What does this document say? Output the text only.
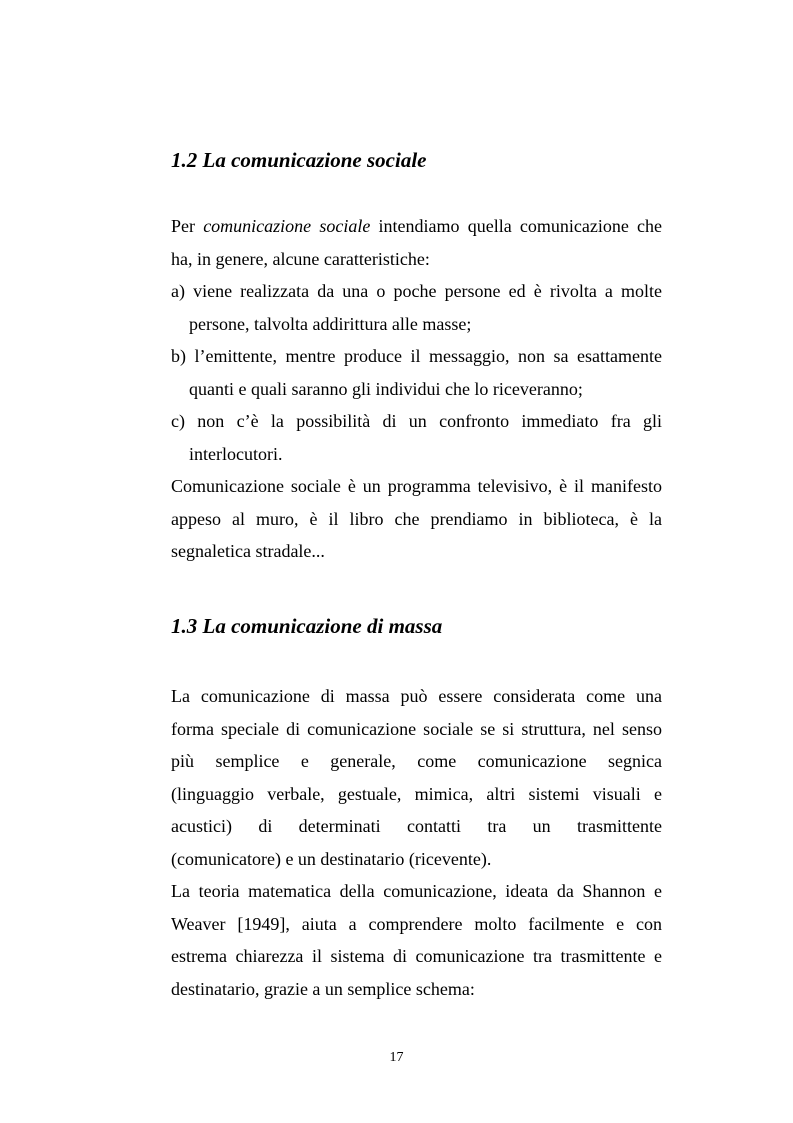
1.2 La comunicazione sociale
Per comunicazione sociale intendiamo quella comunicazione che
ha, in genere, alcune caratteristiche:
a) viene realizzata da una o poche persone ed è rivolta a molte
persone, talvolta addirittura alle masse;
b) l’emittente, mentre produce il messaggio, non sa esattamente
quanti e quali saranno gli individui che lo riceveranno;
c) non c’è la possibilità di un confronto immediato fra gli
interlocutori.
Comunicazione sociale è un programma televisivo, è il manifesto
appeso al muro, è il libro che prendiamo in biblioteca, è la
segnaletica stradale...
1.3 La comunicazione di massa
La comunicazione di massa può essere considerata come una
forma speciale di comunicazione sociale se si struttura, nel senso
più semplice e generale, come comunicazione segnica
(linguaggio verbale, gestuale, mimica, altri sistemi visuali e
acustici) di determinati contatti tra un trasmittente
(comunicatore) e un destinatario (ricevente).
La teoria matematica della comunicazione, ideata da Shannon e
Weaver [1949], aiuta a comprendere molto facilmente e con
estrema chiarezza il sistema di comunicazione tra trasmittente e
destinatario, grazie a un semplice schema:
17
